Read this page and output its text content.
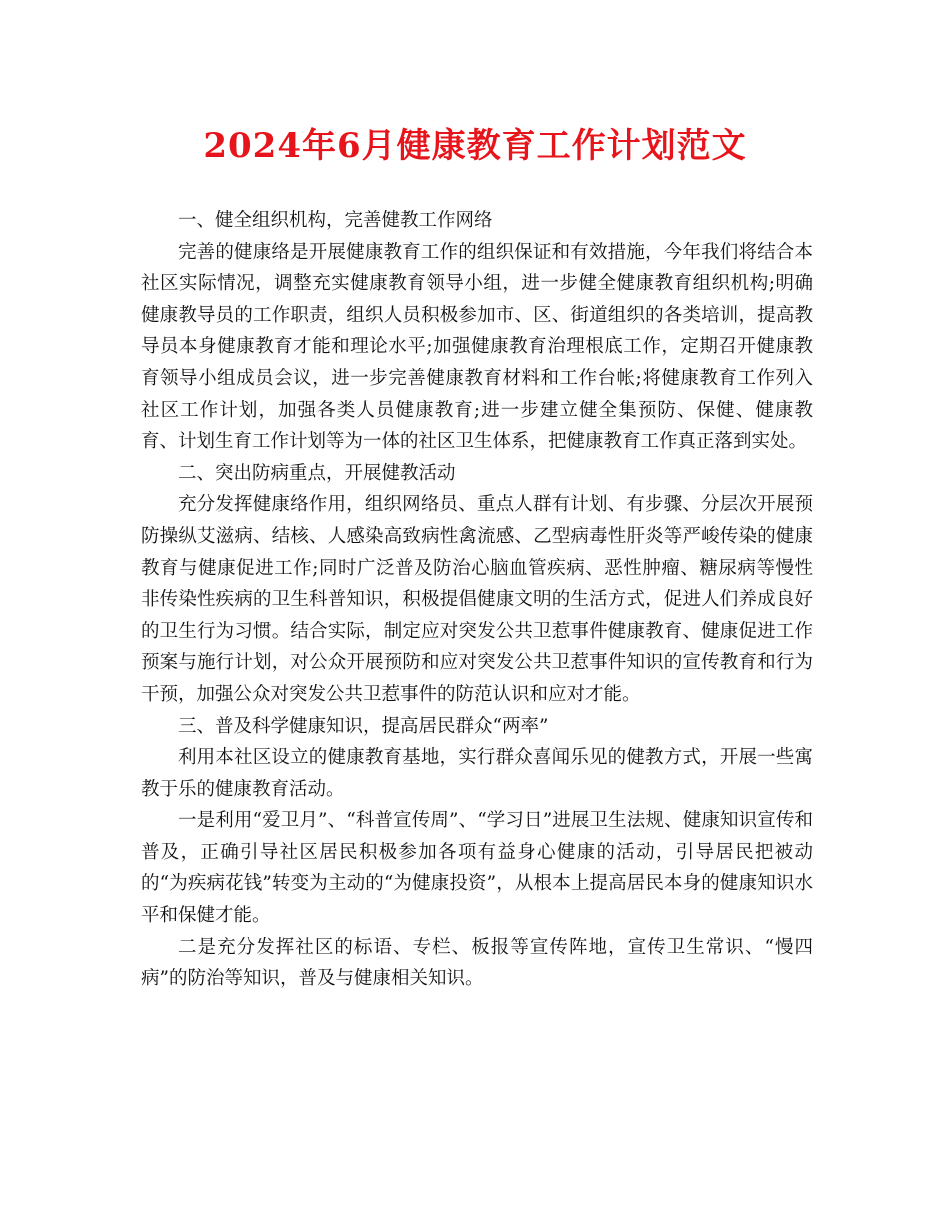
2024年6月健康教育工作计划范文

一、健全组织机构，完善健教工作网络

完善的健康络是开展健康教育工作的组织保证和有效措施，今年我们将结合本社区实际情况，调整充实健康教育领导小组，进一步健全健康教育组织机构;明确健康教导员的工作职责，组织人员积极参加市、区、街道组织的各类培训，提高教导员本身健康教育才能和理论水平;加强健康教育治理根底工作，定期召开健康教育领导小组成员会议，进一步完善健康教育材料和工作台帐;将健康教育工作列入社区工作计划，加强各类人员健康教育;进一步建立健全集预防、保健、健康教育、计划生育工作计划等为一体的社区卫生体系，把健康教育工作真正落到实处。

二、突出防病重点，开展健教活动

充分发挥健康络作用，组织网络员、重点人群有计划、有步骤、分层次开展预防操纵艾滋病、结核、人感染高致病性禽流感、乙型病毒性肝炎等严峻传染的健康教育与健康促进工作;同时广泛普及防治心脑血管疾病、恶性肿瘤、糖尿病等慢性非传染性疾病的卫生科普知识，积极提倡健康文明的生活方式，促进人们养成良好的卫生行为习惯。结合实际，制定应对突发公共卫惹事件健康教育、健康促进工作预案与施行计划，对公众开展预防和应对突发公共卫惹事件知识的宣传教育和行为干预，加强公众对突发公共卫惹事件的防范认识和应对才能。

三、普及科学健康知识，提高居民群众“两率”

利用本社区设立的健康教育基地，实行群众喜闻乐见的健教方式，开展一些寓教于乐的健康教育活动。

一是利用“爱卫月”、“科普宣传周”、“学习日”进展卫生法规、健康知识宣传和普及，正确引导社区居民积极参加各项有益身心健康的活动，引导居民把被动的“为疾病花钱”转变为主动的“为健康投资”，从根本上提高居民本身的健康知识水平和保健才能。

二是充分发挥社区的标语、专栏、板报等宣传阵地，宣传卫生常识、“慢四病”的防治等知识，普及与健康相关知识。
